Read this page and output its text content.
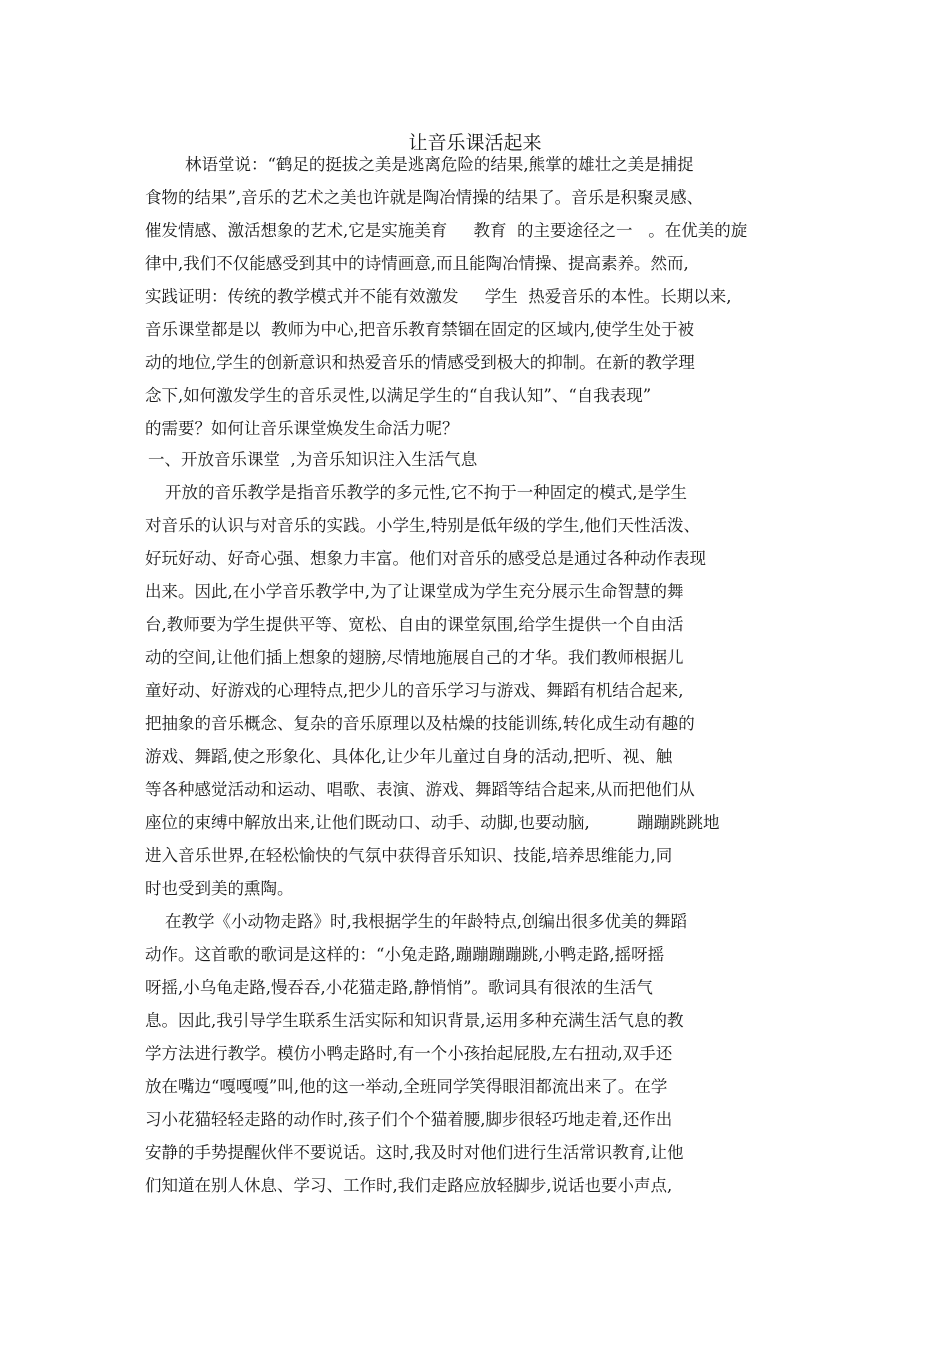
让音乐课活起来
林语堂说：“鹤足的挺拔之美是逃离危险的结果,熊掌的雄壮之美是捕捉
食物的结果”,音乐的艺术之美也许就是陶冶情操的结果了。音乐是积聚灵感、
催发情感、激活想象的艺术,它是实施美育     教育  的主要途径之一   。在优美的旋
律中,我们不仅能感受到其中的诗情画意,而且能陶冶情操、提高素养。然而,
实践证明：传统的教学模式并不能有效激发     学生  热爱音乐的本性。长期以来,
音乐课堂都是以  教师为中心,把音乐教育禁锢在固定的区域内,使学生处于被
动的地位,学生的创新意识和热爱音乐的情感受到极大的抑制。在新的教学理
念下,如何激发学生的音乐灵性,以满足学生的“自我认知”、“自我表现”
的需要？如何让音乐课堂焕发生命活力呢？
一、开放音乐课堂  ,为音乐知识注入生活气息
开放的音乐教学是指音乐教学的多元性,它不拘于一种固定的模式,是学生
对音乐的认识与对音乐的实践。小学生,特别是低年级的学生,他们天性活泼、
好玩好动、好奇心强、想象力丰富。他们对音乐的感受总是通过各种动作表现
出来。因此,在小学音乐教学中,为了让课堂成为学生充分展示生命智慧的舞
台,教师要为学生提供平等、宽松、自由的课堂氛围,给学生提供一个自由活
动的空间,让他们插上想象的翅膀,尽情地施展自己的才华。我们教师根据儿
童好动、好游戏的心理特点,把少儿的音乐学习与游戏、舞蹈有机结合起来,
把抽象的音乐概念、复杂的音乐原理以及枯燥的技能训练,转化成生动有趣的
游戏、舞蹈,使之形象化、具体化,让少年儿童过自身的活动,把听、视、触
等各种感觉活动和运动、唱歌、表演、游戏、舞蹈等结合起来,从而把他们从
座位的束缚中解放出来,让他们既动口、动手、动脚,也要动脑,         蹦蹦跳跳地
进入音乐世界,在轻松愉快的气氛中获得音乐知识、技能,培养思维能力,同
时也受到美的熏陶。
在教学《小动物走路》时,我根据学生的年龄特点,创编出很多优美的舞蹈
动作。这首歌的歌词是这样的：“小兔走路,蹦蹦蹦蹦跳,小鸭走路,摇呀摇
呀摇,小乌龟走路,慢吞吞,小花猫走路,静悄悄”。歌词具有很浓的生活气
息。因此,我引导学生联系生活实际和知识背景,运用多种充满生活气息的教
学方法进行教学。模仿小鸭走路时,有一个小孩抬起屁股,左右扭动,双手还
放在嘴边“嘎嘎嘎”叫,他的这一举动,全班同学笑得眼泪都流出来了。在学
习小花猫轻轻走路的动作时,孩子们个个猫着腰,脚步很轻巧地走着,还作出
安静的手势提醒伙伴不要说话。这时,我及时对他们进行生活常识教育,让他
们知道在别人休息、学习、工作时,我们走路应放轻脚步,说话也要小声点,
